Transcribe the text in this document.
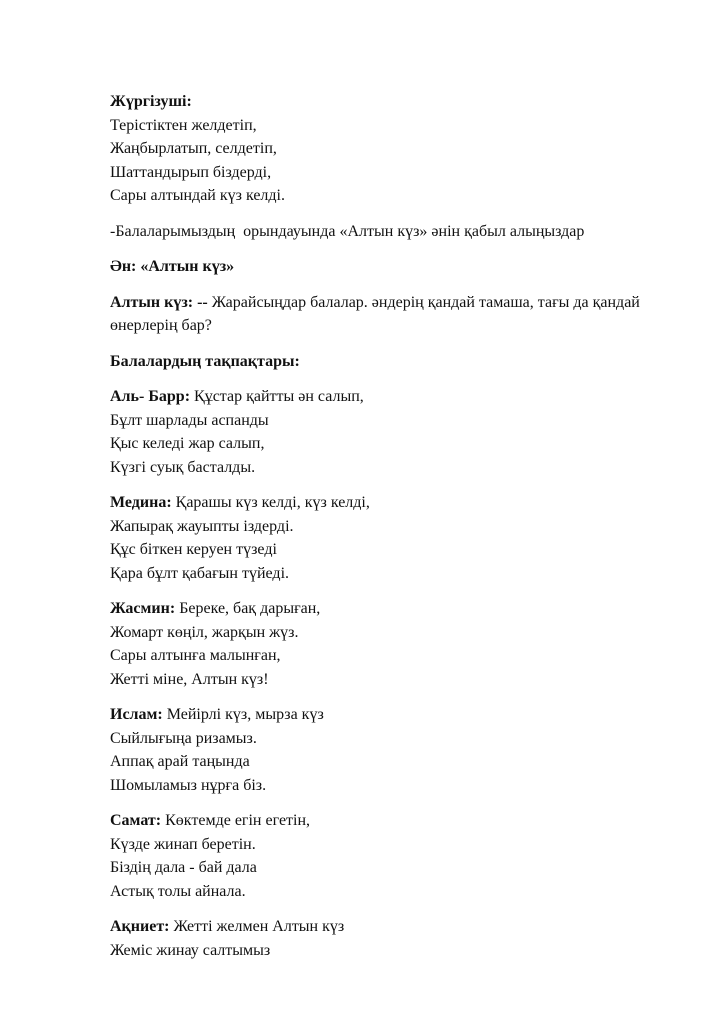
Жүргізуші:
Терістіктен желдетіп,
Жаңбырлатып, селдетіп,
Шаттандырып біздерді,
Сары алтындай күз келді.
-Балаларымыздың  орындауында «Алтын күз» әнін қабыл алыңыздар
Ән: «Алтын күз»
Алтын күз: -- Жарайсыңдар балалар. әндерің қандай тамаша, тағы да қандай өнерлерің бар?
Балалардың тақпақтары:
Аль- Барр: Құстар қайтты ән салып,
Бұлт шарлады аспанды
Қыс келеді жар салып,
Күзгі суық басталды.
Медина: Қарашы күз келді, күз келді,
Жапырақ жауыпты іздерді.
Құс біткен керуен түзеді
Қара бұлт қабағын түйеді.
Жасмин: Береке, бақ дарыған,
Жомарт көңіл, жарқын жүз.
Сары алтынға малынған,
Жетті міне, Алтын күз!
Ислам: Мейірлі күз, мырза күз
Сыйлығыңа ризамыз.
Аппақ арай таңында
Шомыламыз нұрға біз.
Самат: Көктемде егін егетін,
Күзде жинап беретін.
Біздің дала - бай дала
Астық толы айнала.
Ақниет: Жетті желмен Алтын күз
Жеміс жинау салтымыз
